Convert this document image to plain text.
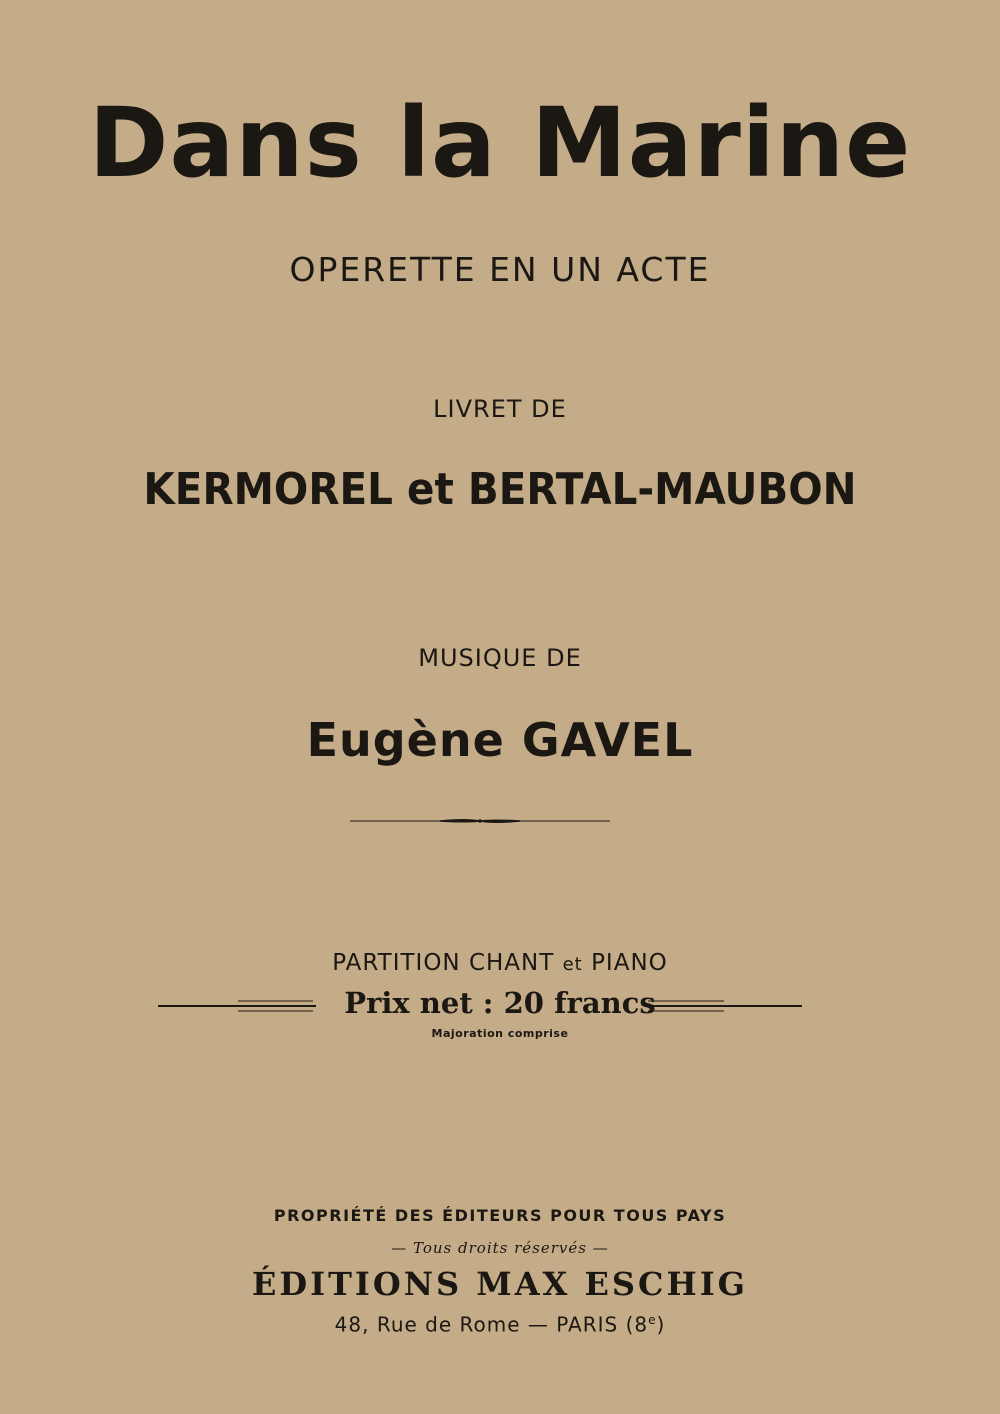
Dans la Marine
OPERETTE EN UN ACTE
LIVRET DE
KERMOREL et BERTAL-MAUBON
MUSIQUE DE
Eugène GAVEL
PARTITION CHANT et PIANO
Prix net : 20 francs
Majoration comprise
PROPRIÉTÉ DES ÉDITEURS POUR TOUS PAYS
— Tous droits réservés —
ÉDITIONS MAX ESCHIG
48, Rue de Rome — PARIS (8e)
